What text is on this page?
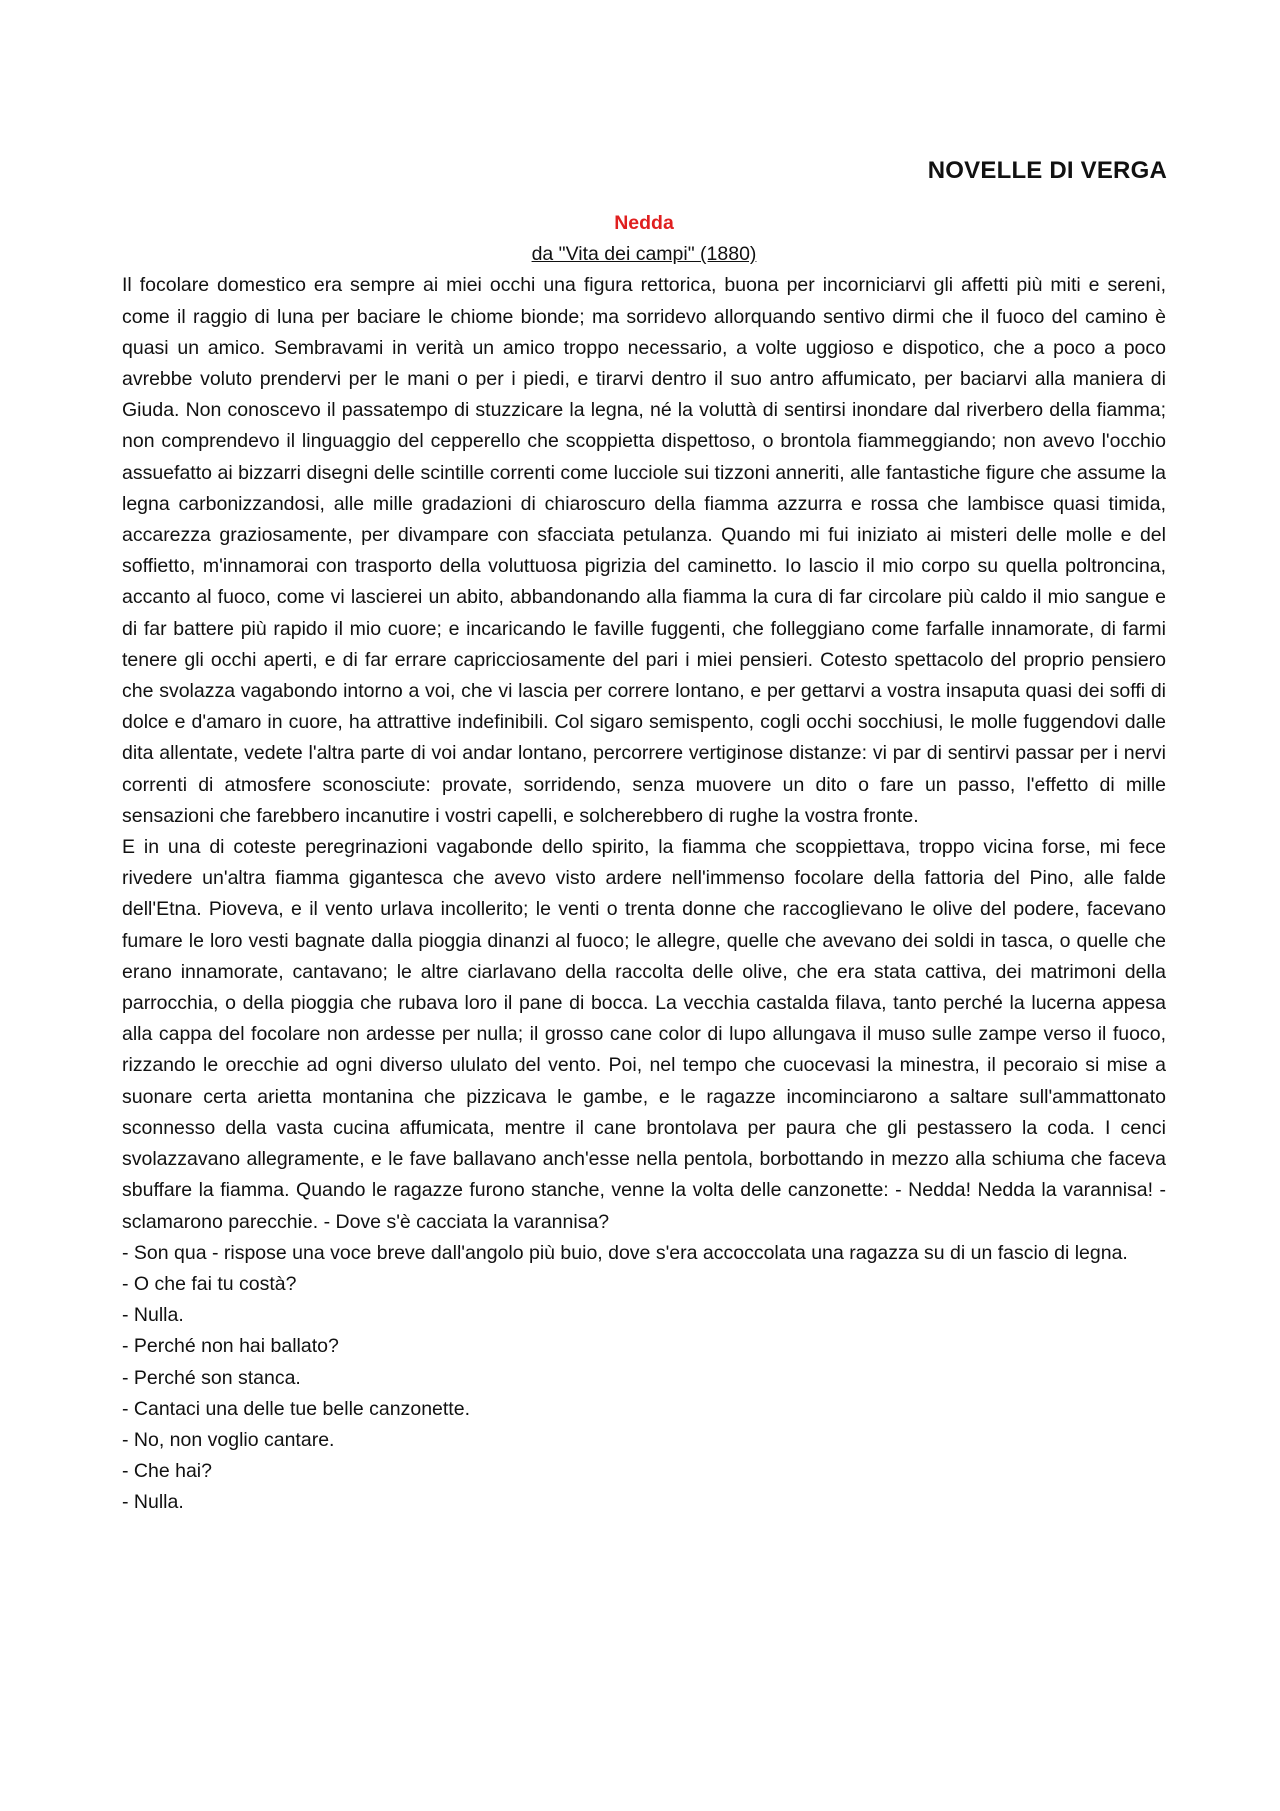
NOVELLE DI VERGA

Nedda

da "Vita dei campi" (1880)

Il focolare domestico era sempre ai miei occhi una figura rettorica, buona per incorniciarvi gli affetti più miti e sereni, come il raggio di luna per baciare le chiome bionde; ma sorridevo allorquando sentivo dirmi che il fuoco del camino è quasi un amico. Sembravami in verità un amico troppo necessario, a volte uggioso e dispotico, che a poco a poco avrebbe voluto prendervi per le mani o per i piedi, e tirarvi dentro il suo antro affumicato, per baciarvi alla maniera di Giuda. Non conoscevo il passatempo di stuzzicare la legna, né la voluttà di sentirsi inondare dal riverbero della fiamma; non comprendevo il linguaggio del cepperello che scoppietta dispettoso, o brontola fiammeggiando; non avevo l'occhio assuefatto ai bizzarri disegni delle scintille correnti come lucciole sui tizzoni anneriti, alle fantastiche figure che assume la legna carbonizzandosi, alle mille gradazioni di chiaroscuro della fiamma azzurra e rossa che lambisce quasi timida, accarezza graziosamente, per divampare con sfacciata petulanza. Quando mi fui iniziato ai misteri delle molle e del soffietto, m'innamorai con trasporto della voluttuosa pigrizia del caminetto. Io lascio il mio corpo su quella poltroncina, accanto al fuoco, come vi lascierei un abito, abbandonando alla fiamma la cura di far circolare più caldo il mio sangue e di far battere più rapido il mio cuore; e incaricando le faville fuggenti, che folleggiano come farfalle innamorate, di farmi tenere gli occhi aperti, e di far errare capricciosamente del pari i miei pensieri. Cotesto spettacolo del proprio pensiero che svolazza vagabondo intorno a voi, che vi lascia per correre lontano, e per gettarvi a vostra insaputa quasi dei soffi di dolce e d'amaro in cuore, ha attrattive indefinibili. Col sigaro semispento, cogli occhi socchiusi, le molle fuggendovi dalle dita allentate, vedete l'altra parte di voi andar lontano, percorrere vertiginose distanze: vi par di sentirvi passar per i nervi correnti di atmosfere sconosciute: provate, sorridendo, senza muovere un dito o fare un passo, l'effetto di mille sensazioni che farebbero incanutire i vostri capelli, e solcherebbero di rughe la vostra fronte.

E in una di coteste peregrinazioni vagabonde dello spirito, la fiamma che scoppiettava, troppo vicina forse, mi fece rivedere un'altra fiamma gigantesca che avevo visto ardere nell'immenso focolare della fattoria del Pino, alle falde dell'Etna. Pioveva, e il vento urlava incollerito; le venti o trenta donne che raccoglievano le olive del podere, facevano fumare le loro vesti bagnate dalla pioggia dinanzi al fuoco; le allegre, quelle che avevano dei soldi in tasca, o quelle che erano innamorate, cantavano; le altre ciarlavano della raccolta delle olive, che era stata cattiva, dei matrimoni della parrocchia, o della pioggia che rubava loro il pane di bocca. La vecchia castalda filava, tanto perché la lucerna appesa alla cappa del focolare non ardesse per nulla; il grosso cane color di lupo allungava il muso sulle zampe verso il fuoco, rizzando le orecchie ad ogni diverso ululato del vento. Poi, nel tempo che cuocevasi la minestra, il pecoraio si mise a suonare certa arietta montanina che pizzicava le gambe, e le ragazze incominciarono a saltare sull'ammattonato sconnesso della vasta cucina affumicata, mentre il cane brontolava per paura che gli pestassero la coda. I cenci svolazzavano allegramente, e le fave ballavano anch'esse nella pentola, borbottando in mezzo alla schiuma che faceva sbuffare la fiamma. Quando le ragazze furono stanche, venne la volta delle canzonette: - Nedda! Nedda la varannisa! - sclamarono parecchie. - Dove s'è cacciata la varannisa?

- Son qua - rispose una voce breve dall'angolo più buio, dove s'era accoccolata una ragazza su di un fascio di legna.

- O che fai tu costà?

- Nulla.

- Perché non hai ballato?

- Perché son stanca.

- Cantaci una delle tue belle canzonette.

- No, non voglio cantare.

- Che hai?

- Nulla.
